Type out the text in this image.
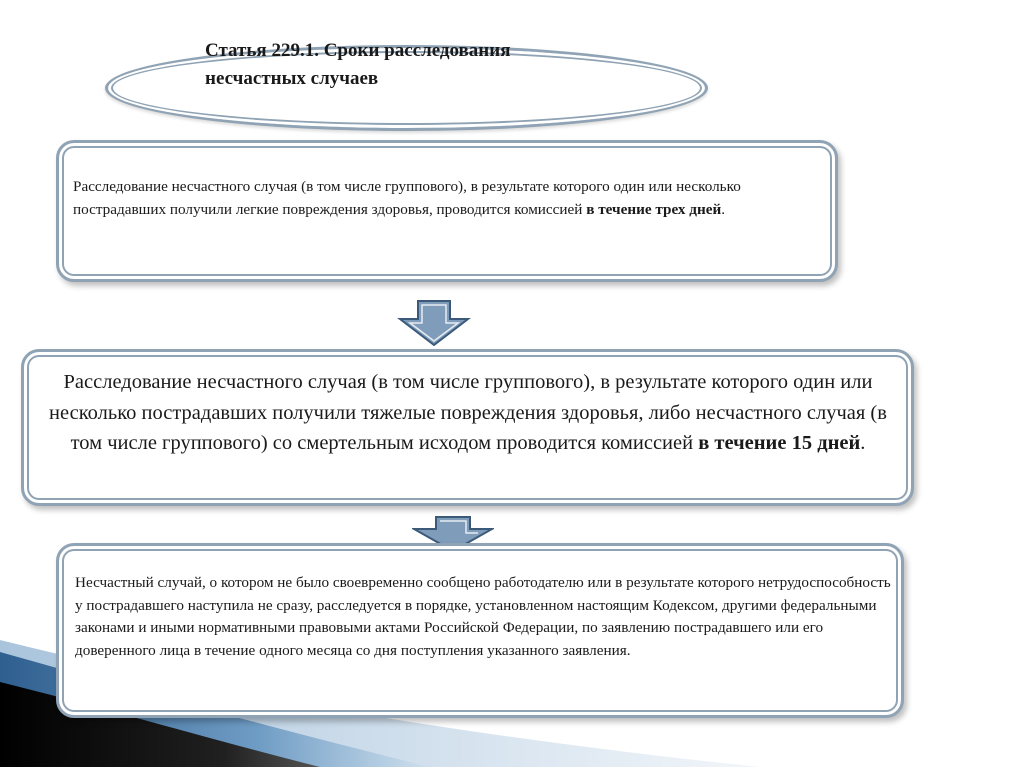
Статья 229.1. Сроки расследования несчастных случаев
Расследование несчастного случая (в том числе группового), в результате которого один или несколько пострадавших получили легкие повреждения здоровья, проводится комиссией в течение трех дней.
Расследование несчастного случая (в том числе группового), в результате которого один или несколько пострадавших получили тяжелые повреждения здоровья, либо несчастного случая (в том числе группового) со смертельным исходом проводится комиссией в течение 15 дней.
Несчастный случай, о котором не было своевременно сообщено работодателю или в результате которого нетрудоспособность у пострадавшего наступила не сразу, расследуется в порядке, установленном настоящим Кодексом, другими федеральными законами и иными нормативными правовыми актами Российской Федерации, по заявлению пострадавшего или его доверенного лица в течение одного месяца со дня поступления указанного заявления.
